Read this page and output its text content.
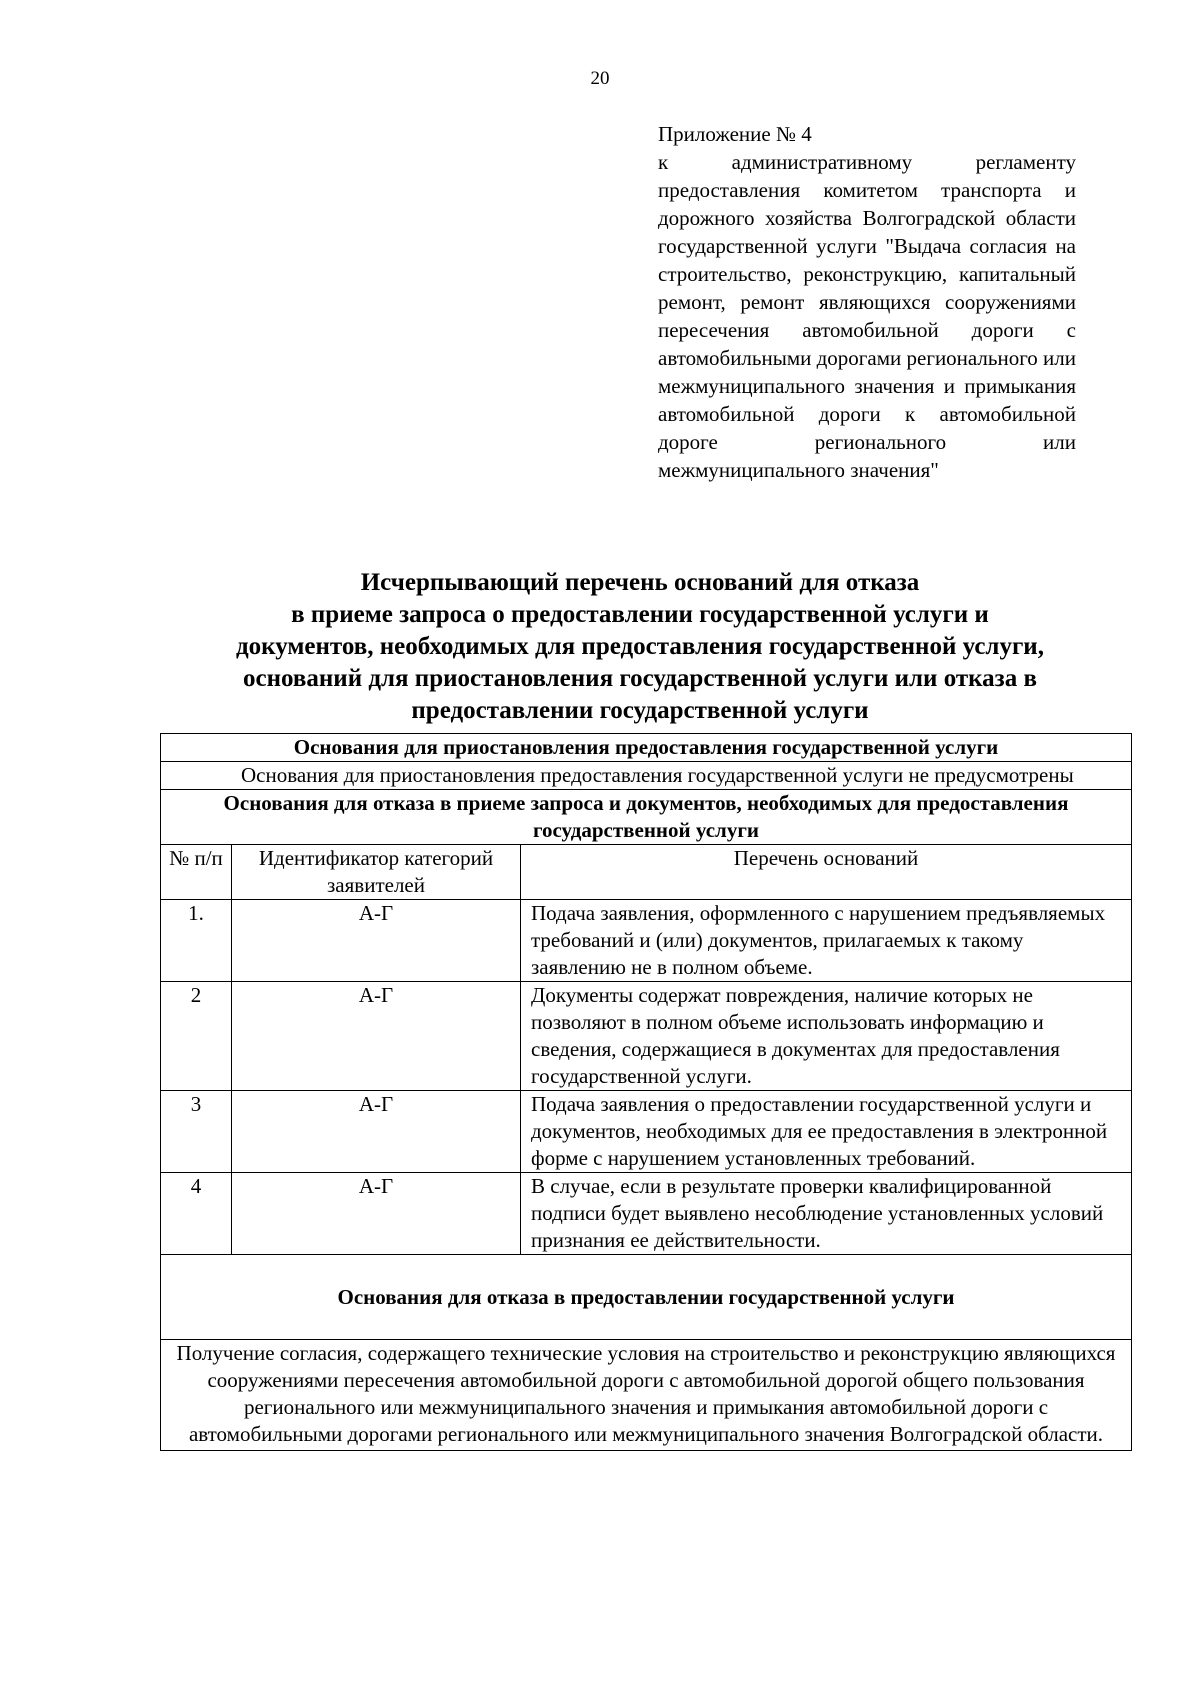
20
Приложение № 4
к административному регламенту предоставления комитетом транспорта и дорожного хозяйства Волгоградской области государственной услуги "Выдача согласия на строительство, реконструкцию, капитальный ремонт, ремонт являющихся сооружениями пересечения автомобильной дороги с автомобильными дорогами регионального или межмуниципального значения и примыкания автомобильной дороги к автомобильной дороге регионального или межмуниципального значения"
Исчерпывающий перечень оснований для отказа
в приеме запроса о предоставлении государственной услуги и
документов, необходимых для предоставления государственной услуги,
оснований для приостановления государственной услуги или отказа в
предоставлении государственной услуги
Основания для приостановления предоставления государственной услуги		
Основания для приостановления предоставления государственной услуги не предусмотрены		
Основания для отказа в приеме запроса и документов, необходимых для предоставления государственной услуги		
№ п/п	Идентификатор категорий заявителей	Перечень оснований
1.	А-Г	Подача заявления, оформленного с нарушением предъявляемых требований и (или) документов, прилагаемых к такому заявлению не в полном объеме.
2	А-Г	Документы содержат повреждения, наличие которых не позволяют в полном объеме использовать информацию и сведения, содержащиеся в документах для предоставления государственной услуги.
3	А-Г	Подача заявления о предоставлении государственной услуги и документов, необходимых для ее предоставления в электронной форме с нарушением установленных требований.
4	А-Г	В случае, если в результате проверки квалифицированной подписи будет выявлено несоблюдение установленных условий признания ее действительности.
Основания для отказа в предоставлении государственной услуги		
Получение согласия, содержащего технические условия на строительство и реконструкцию являющихся сооружениями пересечения автомобильной дороги с автомобильной дорогой общего пользования регионального или межмуниципального значения и примыкания автомобильной дороги с автомобильными дорогами регионального или межмуниципального значения Волгоградской области.		
